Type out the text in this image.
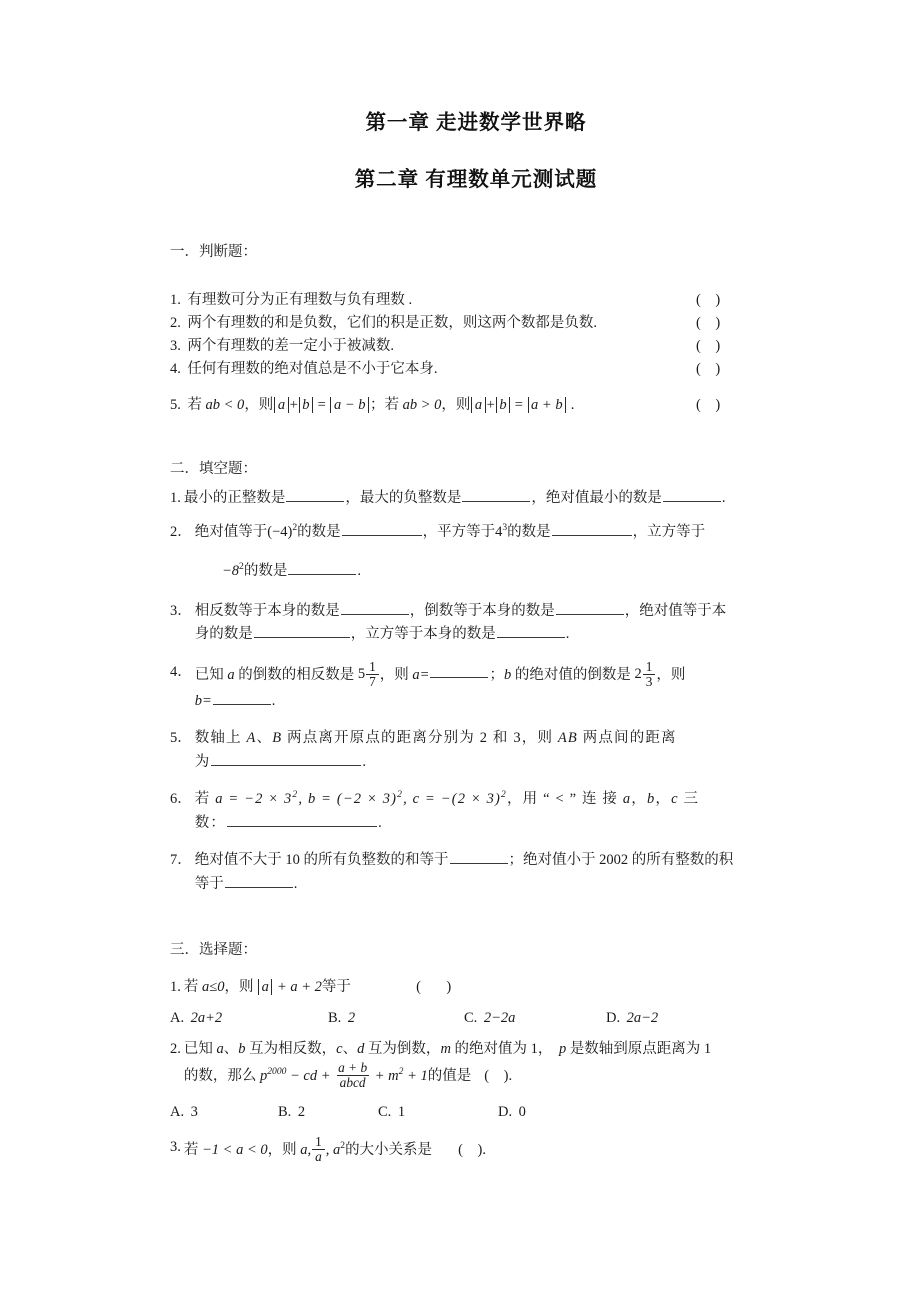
第一章 走进数学世界略
第二章 有理数单元测试题
一．判断题：
1. 有理数可分为正有理数与负有理数 .	(    )
2. 两个有理数的和是负数，它们的积是正数，则这两个数都是负数.	(    )
3. 两个有理数的差一定小于被减数.	(    )
4. 任何有理数的绝对值总是不小于它本身.	(    )
5. 若 ab < 0，则 a + b = a − b ；若 ab > 0，则 a + b = a + b .	(    )
二．填空题：
1. 最小的正整数是	，最大的负整数是	，绝对值最小的数是	.
2． 绝对值等于$(-4)^2$的数是	，平方等于$4^3$的数是	，立方等于
$-8^2$的数是	.
3． 相反数等于本身的数是	，倒数等于本身的数是	，绝对值等于本
身的数是	，立方等于本身的数是	.
4． 已知 a 的倒数的相反数是 $5 \frac{1}{7}$ ，则 a=	；b 的绝对值的倒数是 $2 \frac{1}{3}$ ，则
b=	.
5． 数轴上 A、B 两点离开原点的距离分别为 2 和 3，则 AB 两点间的距离
为	.
6． 若 $a = -2 \times 3^2$, $b = (-2 \times 3)^2$, $c = -(2 \times 3)^2$，用 “ < ” 连 接 a，b，c 三
数：	.
7． 绝对值不大于 10 的所有负整数的和等于	；绝对值小于 2002 的所有整数的积
等于	.
三．选择题：
1. 若 a≤0，则 a + a + 2等于	(       )
A. 2a+2	B. 2	C. 2−2a	D. 2a−2
2. 已知 a、b 互为相反数，c、d 互为倒数，m 的绝对值为 1， p 是数轴到原点距离为 1
的数，那么 $p^{2000}$ − cd + $\frac{a + b}{\text{abcd}} + m^2 + 1$的值是 (    ).
A. 3	B. 2	C. 1	D. 0
3. 若 −1 < a < 0，则 a, $\frac{1}{a}$ , $a^2$的大小关系是 (    ).
